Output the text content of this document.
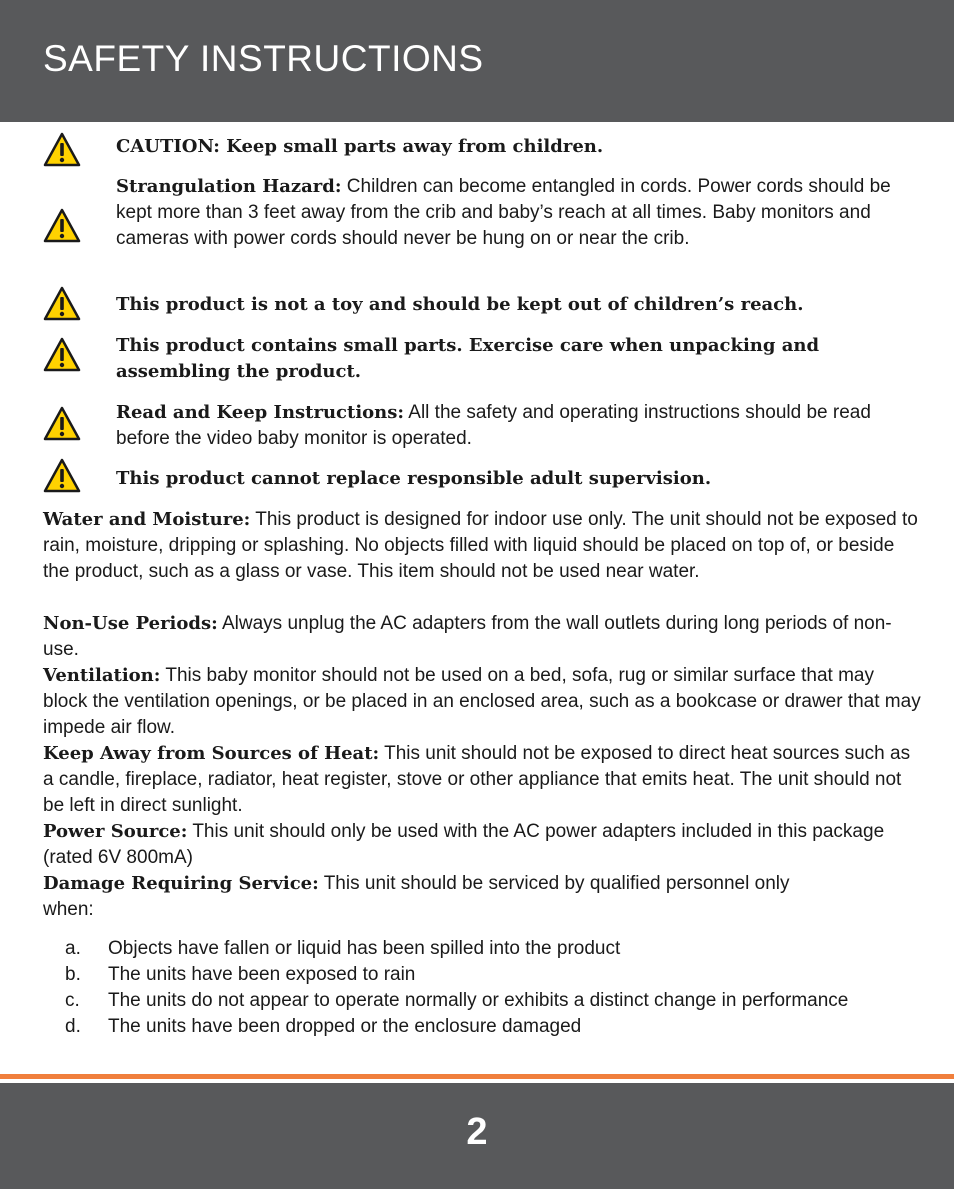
SAFETY INSTRUCTIONS
CAUTION: Keep small parts away from children.
Strangulation Hazard: Children can become entangled in cords. Power cords should be kept more than 3 feet away from the crib and baby’s reach at all times. Baby monitors and cameras with power cords should never be hung on or near the crib.
This product is not a toy and should be kept out of children’s reach.
This product contains small parts. Exercise care when unpacking and assembling the product.
Read and Keep Instructions: All the safety and operating instructions should be read before the video baby monitor is operated.
This product cannot replace responsible adult supervision.

Water and Moisture: This product is designed for indoor use only. The unit should not be exposed to rain, moisture, dripping or splashing. No objects filled with liquid should be placed on top of, or beside the product, such as a glass or vase. This item should not be used near water.

Non-Use Periods: Always unplug the AC adapters from the wall outlets during long periods of non-use.

Ventilation: This baby monitor should not be used on a bed, sofa, rug or similar surface that may block the ventilation openings, or be placed in an enclosed area, such as a bookcase or drawer that may impede air flow.

Keep Away from Sources of Heat: This unit should not be exposed to direct heat sources such as a candle, fireplace, radiator, heat register, stove or other appliance that emits heat. The unit should not be left in direct sunlight.

Power Source: This unit should only be used with the AC power adapters included in this package (rated 6V 800mA)

Damage Requiring Service: This unit should be serviced by qualified personnel only when:

a. Objects have fallen or liquid has been spilled into the product
b. The units have been exposed to rain
c. The units do not appear to operate normally or exhibits a distinct change in performance
d. The units have been dropped or the enclosure damaged
2
